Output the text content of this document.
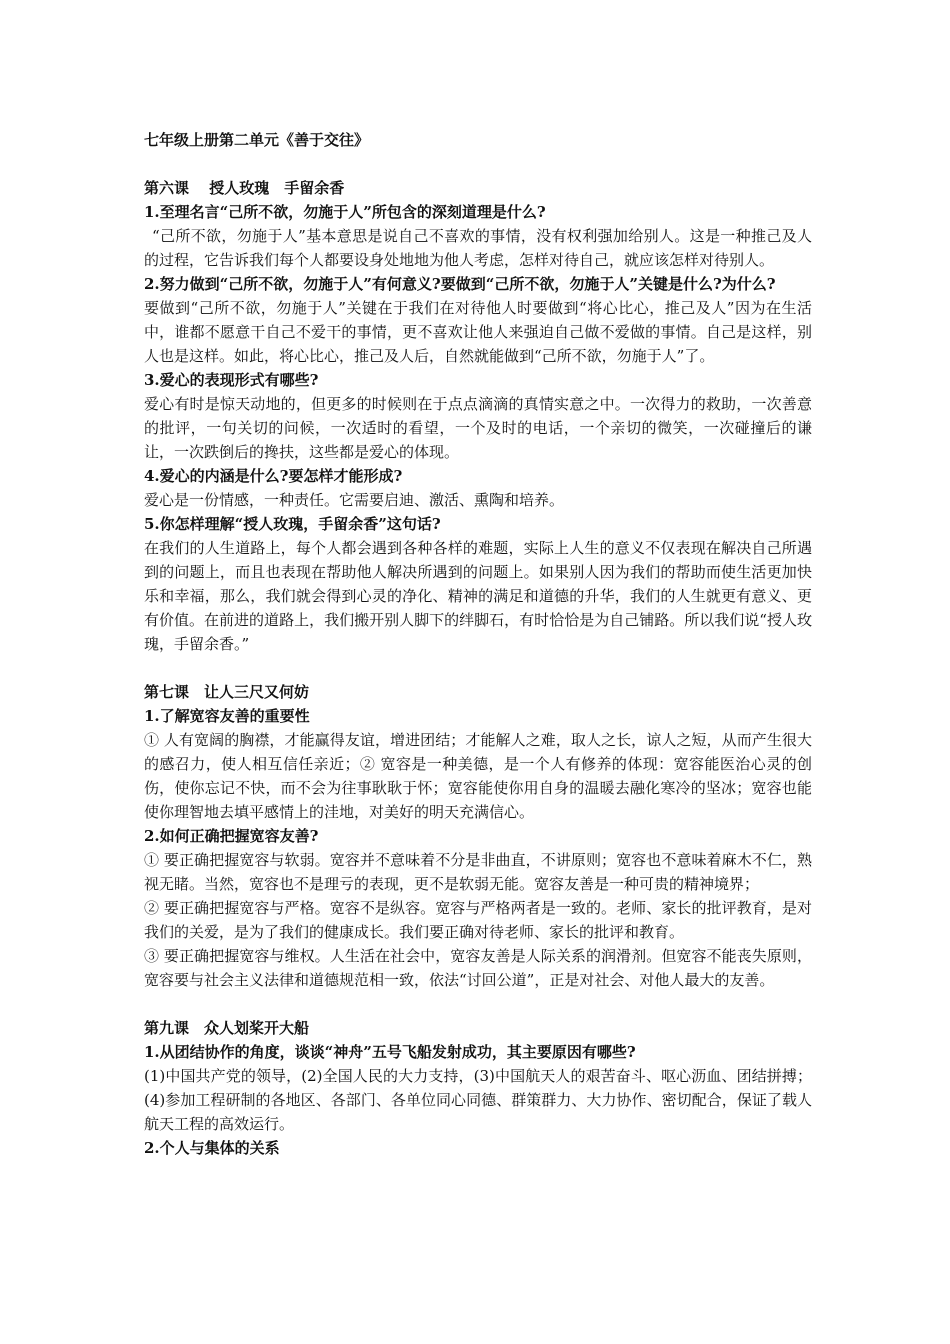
七年级上册第二单元《善于交往》

第六课　 授人玫瑰　手留余香

1.至理名言“己所不欲，勿施于人”所包含的深刻道理是什么?

“己所不欲，勿施于人”基本意思是说自己不喜欢的事情，没有权利强加给别人。这是一种推己及人的过程，它告诉我们每个人都要设身处地地为他人考虑，怎样对待自己，就应该怎样对待别人。

2.努力做到“己所不欲，勿施于人”有何意义?要做到“己所不欲，勿施于人”关键是什么?为什么?

要做到“己所不欲，勿施于人”关键在于我们在对待他人时要做到“将心比心，推己及人”因为在生活中，谁都不愿意干自己不爱干的事情，更不喜欢让他人来强迫自己做不爱做的事情。自己是这样，别人也是这样。如此，将心比心，推己及人后，自然就能做到“己所不欲，勿施于人”了。

3.爱心的表现形式有哪些?

爱心有时是惊天动地的，但更多的时候则在于点点滴滴的真情实意之中。一次得力的救助，一次善意的批评，一句关切的问候，一次适时的看望，一个及时的电话，一个亲切的微笑，一次碰撞后的谦让，一次跌倒后的搀扶，这些都是爱心的体现。

4.爱心的内涵是什么?要怎样才能形成?

爱心是一份情感，一种责任。它需要启迪、激活、熏陶和培养。

5.你怎样理解“授人玫瑰，手留余香”这句话?

在我们的人生道路上，每个人都会遇到各种各样的难题，实际上人生的意义不仅表现在解决自己所遇到的问题上，而且也表现在帮助他人解决所遇到的问题上。如果别人因为我们的帮助而使生活更加快乐和幸福，那么，我们就会得到心灵的净化、精神的满足和道德的升华，我们的人生就更有意义、更有价值。在前进的道路上，我们搬开别人脚下的绊脚石，有时恰恰是为自己铺路。所以我们说“授人玫瑰，手留余香。”

第七课　让人三尺又何妨

1.了解宽容友善的重要性

① 人有宽阔的胸襟，才能赢得友谊，增进团结；才能解人之难，取人之长，谅人之短，从而产生很大的感召力，使人相互信任亲近；② 宽容是一种美德，是一个人有修养的体现：宽容能医治心灵的创伤，使你忘记不快，而不会为往事耿耿于怀；宽容能使你用自身的温暖去融化寒冷的坚冰；宽容也能使你理智地去填平感情上的洼地，对美好的明天充满信心。

2.如何正确把握宽容友善?

① 要正确把握宽容与软弱。宽容并不意味着不分是非曲直，不讲原则；宽容也不意味着麻木不仁，熟视无睹。当然，宽容也不是理亏的表现，更不是软弱无能。宽容友善是一种可贵的精神境界；

② 要正确把握宽容与严格。宽容不是纵容。宽容与严格两者是一致的。老师、家长的批评教育，是对我们的关爱，是为了我们的健康成长。我们要正确对待老师、家长的批评和教育。

③ 要正确把握宽容与维权。人生活在社会中，宽容友善是人际关系的润滑剂。但宽容不能丧失原则，宽容要与社会主义法律和道德规范相一致，依法“讨回公道”，正是对社会、对他人最大的友善。

第九课　众人划桨开大船

1.从团结协作的角度，谈谈“神舟”五号飞船发射成功，其主要原因有哪些?

(1)中国共产党的领导，(2)全国人民的大力支持，(3)中国航天人的艰苦奋斗、呕心沥血、团结拼搏；(4)参加工程研制的各地区、各部门、各单位同心同德、群策群力、大力协作、密切配合，保证了载人航天工程的高效运行。

2.个人与集体的关系
